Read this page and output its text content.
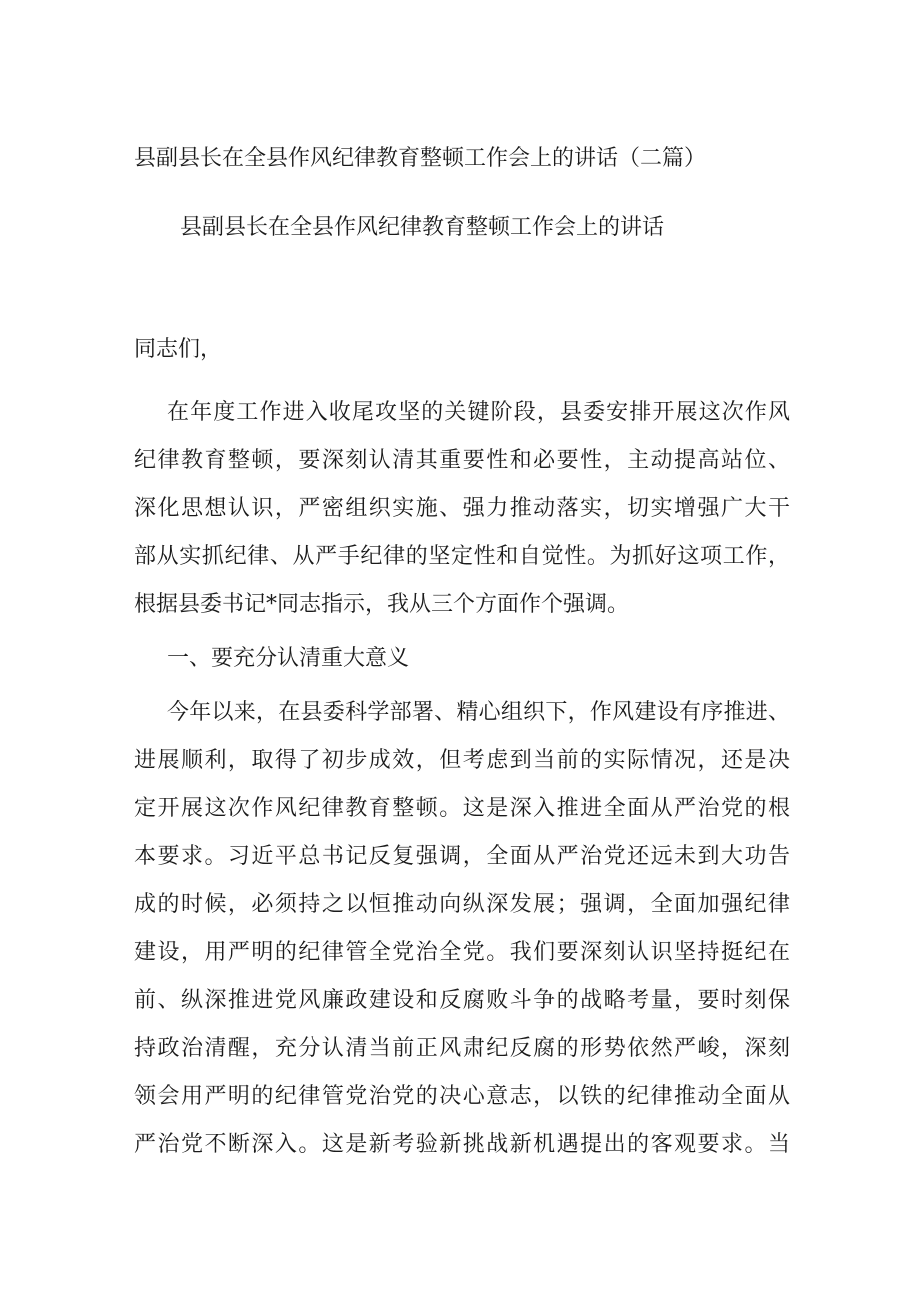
县副县长在全县作风纪律教育整顿工作会上的讲话（二篇）
县副县长在全县作风纪律教育整顿工作会上的讲话

同志们，

在年度工作进入收尾攻坚的关键阶段，县委安排开展这次作风
纪律教育整顿，要深刻认清其重要性和必要性，主动提高站位、
深化思想认识，严密组织实施、强力推动落实，切实增强广大干
部从实抓纪律、从严手纪律的坚定性和自觉性。为抓好这项工作，
根据县委书记*同志指示，我从三个方面作个强调。

一、要充分认清重大意义

今年以来，在县委科学部署、精心组织下，作风建设有序推进、
进展顺利，取得了初步成效，但考虑到当前的实际情况，还是决
定开展这次作风纪律教育整顿。这是深入推进全面从严治党的根
本要求。习近平总书记反复强调，全面从严治党还远未到大功告
成的时候，必须持之以恒推动向纵深发展；强调，全面加强纪律
建设，用严明的纪律管全党治全党。我们要深刻认识坚持挺纪在
前、纵深推进党风廉政建设和反腐败斗争的战略考量，要时刻保
持政治清醒，充分认清当前正风肃纪反腐的形势依然严峻，深刻
领会用严明的纪律管党治党的决心意志，以铁的纪律推动全面从
严治党不断深入。这是新考验新挑战新机遇提出的客观要求。当
